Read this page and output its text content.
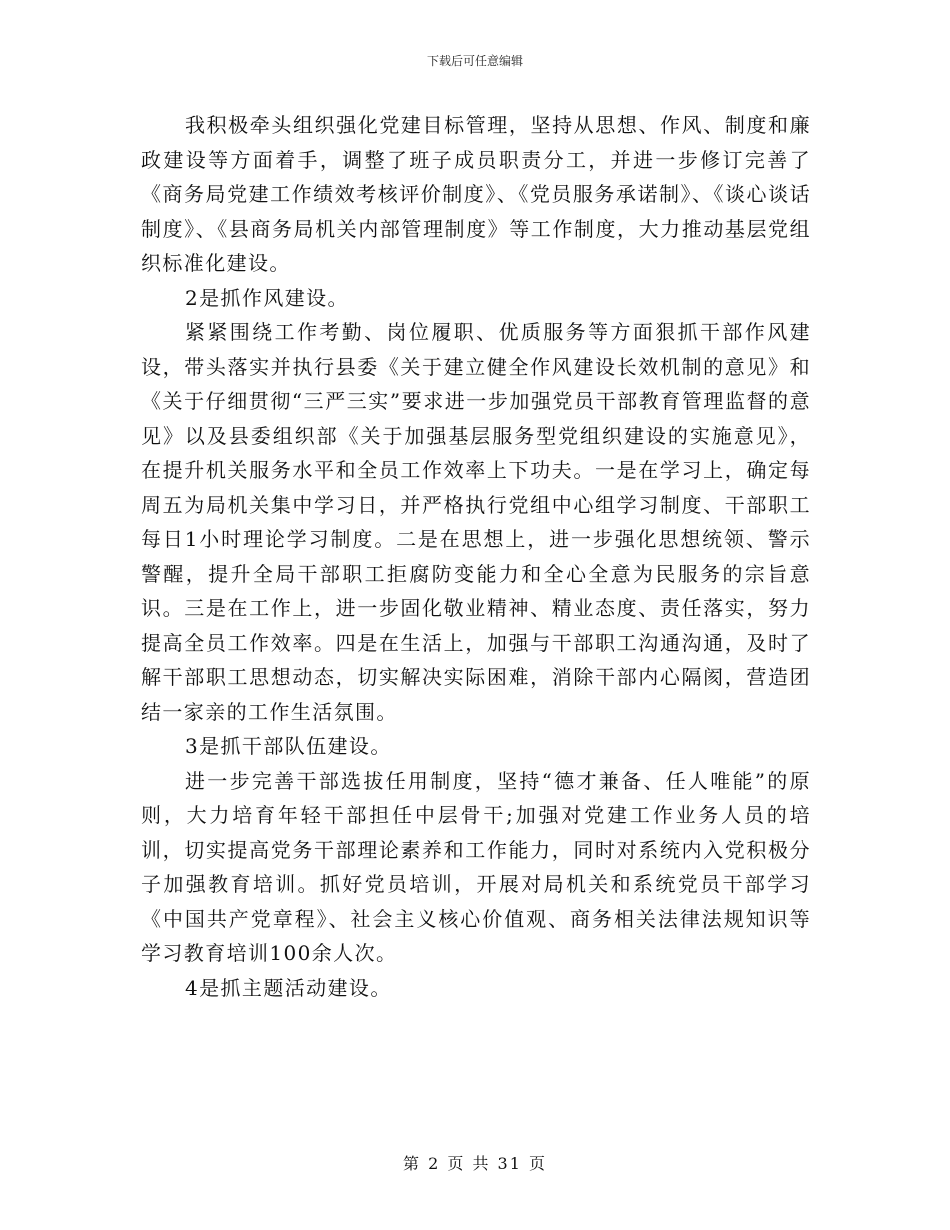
下载后可任意编辑

我积极牵头组织强化党建目标管理，坚持从思想、作风、制度和廉政建设等方面着手，调整了班子成员职责分工，并进一步修订完善了《商务局党建工作绩效考核评价制度》、《党员服务承诺制》、《谈心谈话制度》、《县商务局机关内部管理制度》等工作制度，大力推动基层党组织标准化建设。

2是抓作风建设。

紧紧围绕工作考勤、岗位履职、优质服务等方面狠抓干部作风建设，带头落实并执行县委《关于建立健全作风建设长效机制的意见》和《关于仔细贯彻“三严三实”要求进一步加强党员干部教育管理监督的意见》以及县委组织部《关于加强基层服务型党组织建设的实施意见》，在提升机关服务水平和全员工作效率上下功夫。一是在学习上，确定每周五为局机关集中学习日，并严格执行党组中心组学习制度、干部职工每日1小时理论学习制度。二是在思想上，进一步强化思想统领、警示警醒，提升全局干部职工拒腐防变能力和全心全意为民服务的宗旨意识。三是在工作上，进一步固化敬业精神、精业态度、责任落实，努力提高全员工作效率。四是在生活上，加强与干部职工沟通沟通，及时了解干部职工思想动态，切实解决实际困难，消除干部内心隔阂，营造团结一家亲的工作生活氛围。

3是抓干部队伍建设。

进一步完善干部选拔任用制度，坚持“德才兼备、任人唯能”的原则，大力培育年轻干部担任中层骨干;加强对党建工作业务人员的培训，切实提高党务干部理论素养和工作能力，同时对系统内入党积极分子加强教育培训。抓好党员培训，开展对局机关和系统党员干部学习《中国共产党章程》、社会主义核心价值观、商务相关法律法规知识等学习教育培训100余人次。

4是抓主题活动建设。

第 2 页 共 31 页
